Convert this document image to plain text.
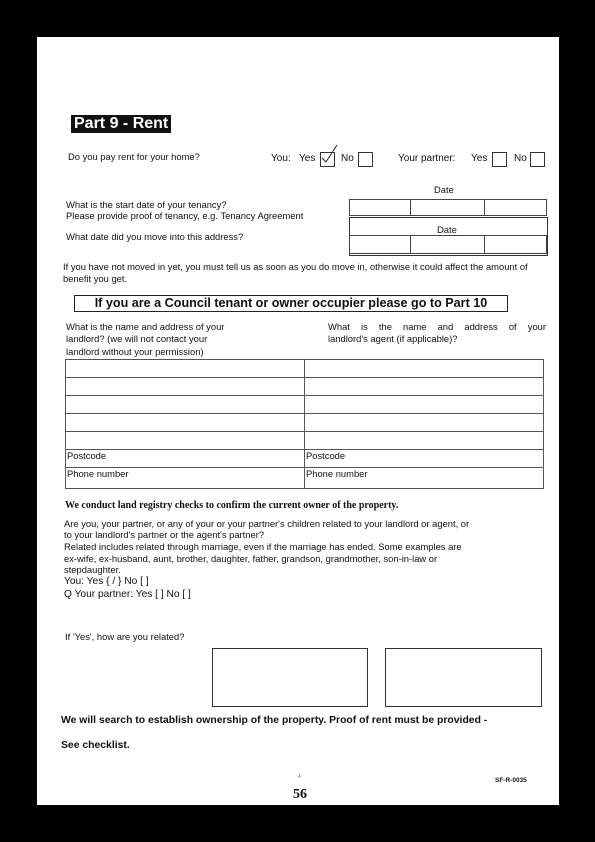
Part 9 - Rent
Do you pay rent for your home?	You: Yes	No	Your partner: Yes	No
Date
What is the start date of your tenancy?
Please provide proof of tenancy, e.g. Tenancy Agreement

Date

What date did you move into this address?
If you have not moved in yet, you must tell us as soon as you do move in, otherwise it could affect the amount of benefit you get.
If you are a Council tenant or owner occupier please go to Part 10
What is the name and address of your
landlord? (we will not contact your
landlord without your permission)
What is the name and address of your
landlord's agent (if applicable)?

Postcode	Postcode
Phone number	Phone number
We conduct land registry checks to confirm the current owner of the property.
Are you, your partner, or any of your or your partner's children related to your landlord or agent, or
to your landlord's partner or the agent's partner?
Related includes related through marriage, even if the marriage has ended. Some examples are
ex-wife, ex-husband, aunt, brother, daughter, father, grandson, grandmother, son-in-law or
stepdaughter.
You: Yes { / } No [ ]
Q Your partner: Yes [ ] No [ ]
If 'Yes', how are you related?
We will search to establish ownership of the property. Proof of rent must be provided -
See checklist.
·/·
56
SF-R-0035
